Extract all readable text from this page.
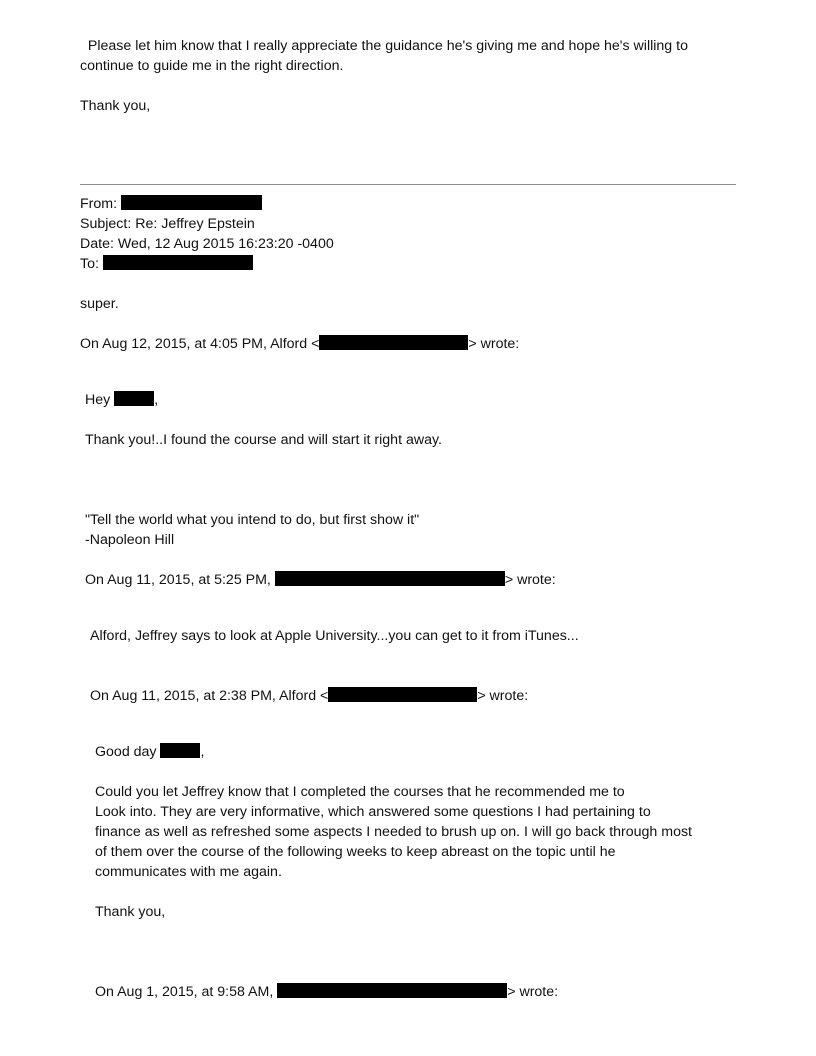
Please let him know that I really appreciate the guidance he's giving me and hope he's willing to
continue to guide me in the right direction.
Thank you,
From:
Subject: Re: Jeffrey Epstein
Date: Wed, 12 Aug 2015 16:23:20 -0400
To:
super.
On Aug 12, 2015, at 4:05 PM, Alford <	> wrote:
Hey	,
Thank you!..I found the course and will start it right away.
"Tell the world what you intend to do, but first show it"
-Napoleon Hill
On Aug 11, 2015, at 5:25 PM,	> wrote:
Alford, Jeffrey says to look at Apple University...you can get to it from iTunes...
On Aug 11, 2015, at 2:38 PM, Alford <	> wrote:
Good day	,
Could you let Jeffrey know that I completed the courses that he recommended me to
Look into. They are very informative, which answered some questions I had pertaining to
finance as well as refreshed some aspects I needed to brush up on. I will go back through most
of them over the course of the following weeks to keep abreast on the topic until he
communicates with me again.
Thank you,
On Aug 1, 2015, at 9:58 AM,	> wrote:
